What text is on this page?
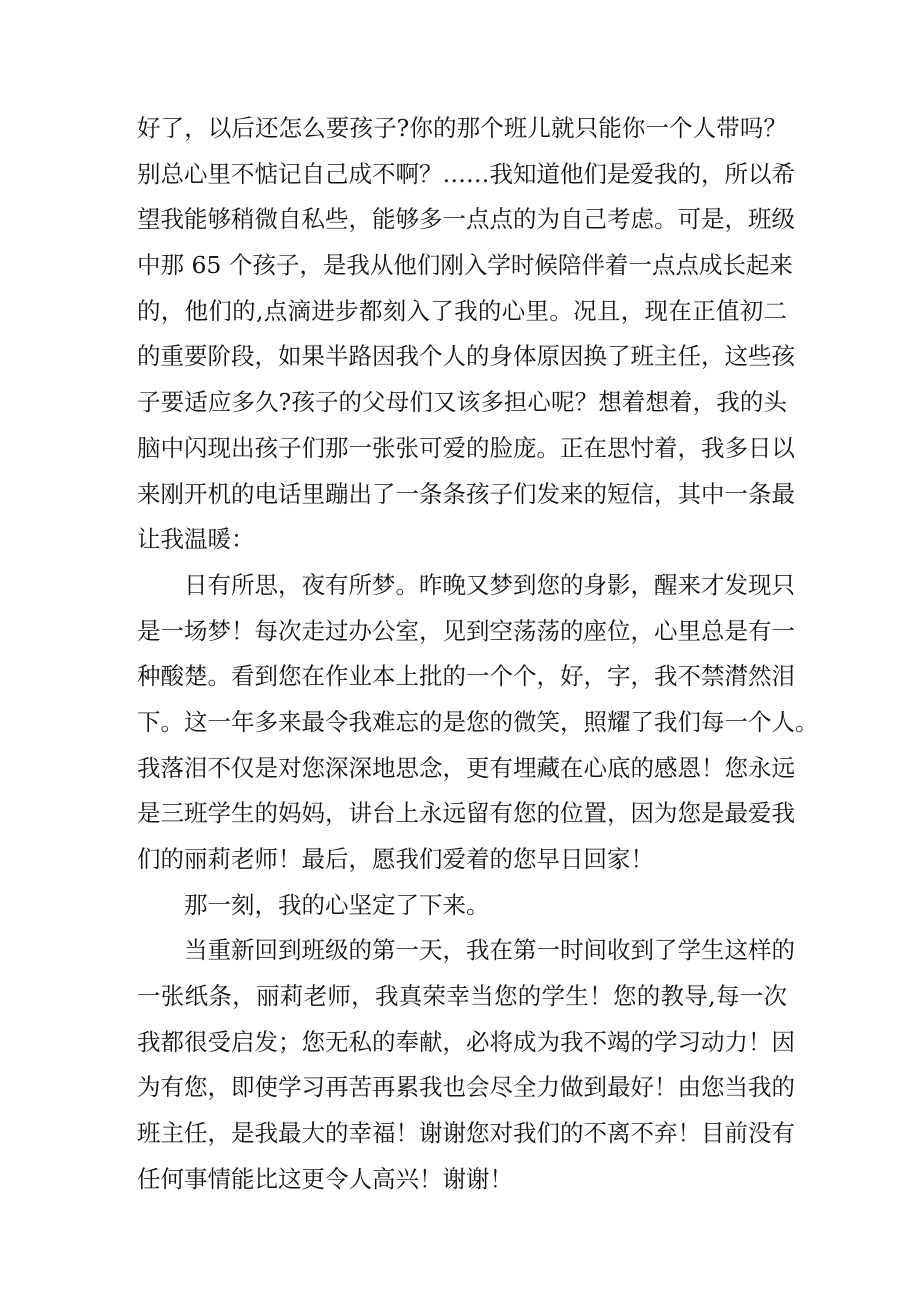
好了，以后还怎么要孩子?你的那个班儿就只能你一个人带吗？
别总心里不惦记自己成不啊？……我知道他们是爱我的，所以希
望我能够稍微自私些，能够多一点点的为自己考虑。可是，班级
中那 65 个孩子，是我从他们刚入学时候陪伴着一点点成长起来
的，他们的,点滴进步都刻入了我的心里。况且，现在正值初二
的重要阶段，如果半路因我个人的身体原因换了班主任，这些孩
子要适应多久?孩子的父母们又该多担心呢？想着想着，我的头
脑中闪现出孩子们那一张张可爱的脸庞。正在思忖着，我多日以
来刚开机的电话里蹦出了一条条孩子们发来的短信，其中一条最
让我温暖：
日有所思，夜有所梦。昨晚又梦到您的身影，醒来才发现只
是一场梦！每次走过办公室，见到空荡荡的座位，心里总是有一
种酸楚。看到您在作业本上批的一个个，好，字，我不禁潸然泪
下。这一年多来最令我难忘的是您的微笑，照耀了我们每一个人。
我落泪不仅是对您深深地思念，更有埋藏在心底的感恩！您永远
是三班学生的妈妈，讲台上永远留有您的位置，因为您是最爱我
们的丽莉老师！最后，愿我们爱着的您早日回家！
那一刻，我的心坚定了下来。
当重新回到班级的第一天，我在第一时间收到了学生这样的
一张纸条，丽莉老师，我真荣幸当您的学生！您的教导,每一次
我都很受启发；您无私的奉献，必将成为我不竭的学习动力！因
为有您，即使学习再苦再累我也会尽全力做到最好！由您当我的
班主任，是我最大的幸福！谢谢您对我们的不离不弃！目前没有
任何事情能比这更令人高兴！谢谢！
